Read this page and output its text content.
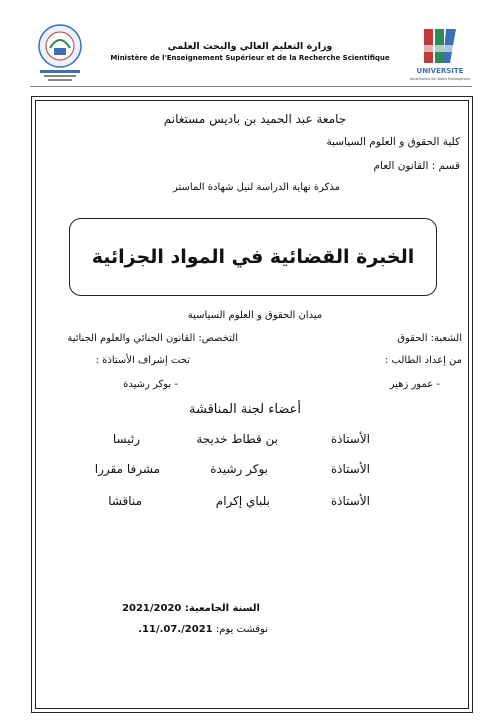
وزارة التعليم العالي والبحث العلمي
Ministère de l'Enseignement Supérieur et de la Recherche Scientifique
UNIVERSITE
Abdelhamid Ibn Badis Mostaganem
جامعة عبد الحميد بن باديس مستغانم
كلية الحقوق و العلوم السياسية
قسم : القانون العام
مذكرة نهاية الدراسة لنيل شهادة الماستر
الخبرة القضائية في المواد الجزائية
ميدان الحقوق و العلوم السياسية
الشعبة: الحقوق
التخصص: القانون الجنائي والعلوم الجنائية
من إعداد الطالب :
تحت إشراف الأستاذة :
- عمور زهير
- بوكر رشيدة
أعضاء لجنة المناقشة
الأستاذة
بن قطاط خديجة
رئيسا
الأستاذة
بوكر رشيدة
مشرفا مقررا
الأستاذة
بلباي إكرام
مناقشا
السنة الجامعية: 2021/2020
نوقشت يوم: 2021/.07./11.
